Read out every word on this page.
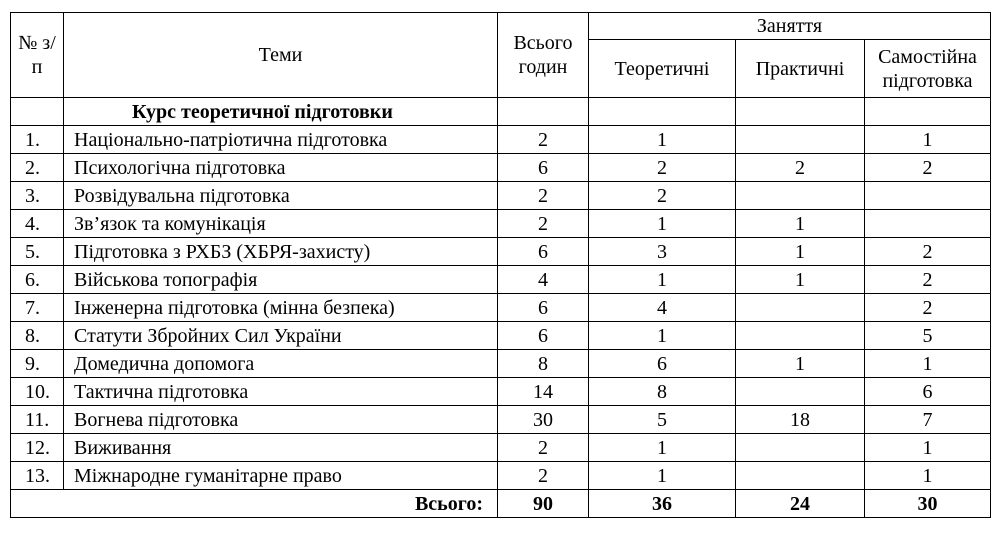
№ з/п	Теми	Всього годин	Заняття		
			Теоретичні	Практичні	Самостійна підготовка
	Курс теоретичної підготовки				
1.	Національно-патріотична підготовка	2	1		1
2.	Психологічна підготовка	6	2	2	2
3.	Розвідувальна підготовка	2	2		
4.	Зв’язок та комунікація	2	1	1	
5.	Підготовка з РХБЗ (ХБРЯ-захисту)	6	3	1	2
6.	Військова топографія	4	1	1	2
7.	Інженерна підготовка (мінна безпека)	6	4		2
8.	Статути Збройних Сил України	6	1		5
9.	Домедична допомога	8	6	1	1
10.	Тактична підготовка	14	8		6
11.	Вогнева підготовка	30	5	18	7
12.	Виживання	2	1		1
13.	Міжнародне гуманітарне право	2	1		1
Всього:		90	36	24	30
